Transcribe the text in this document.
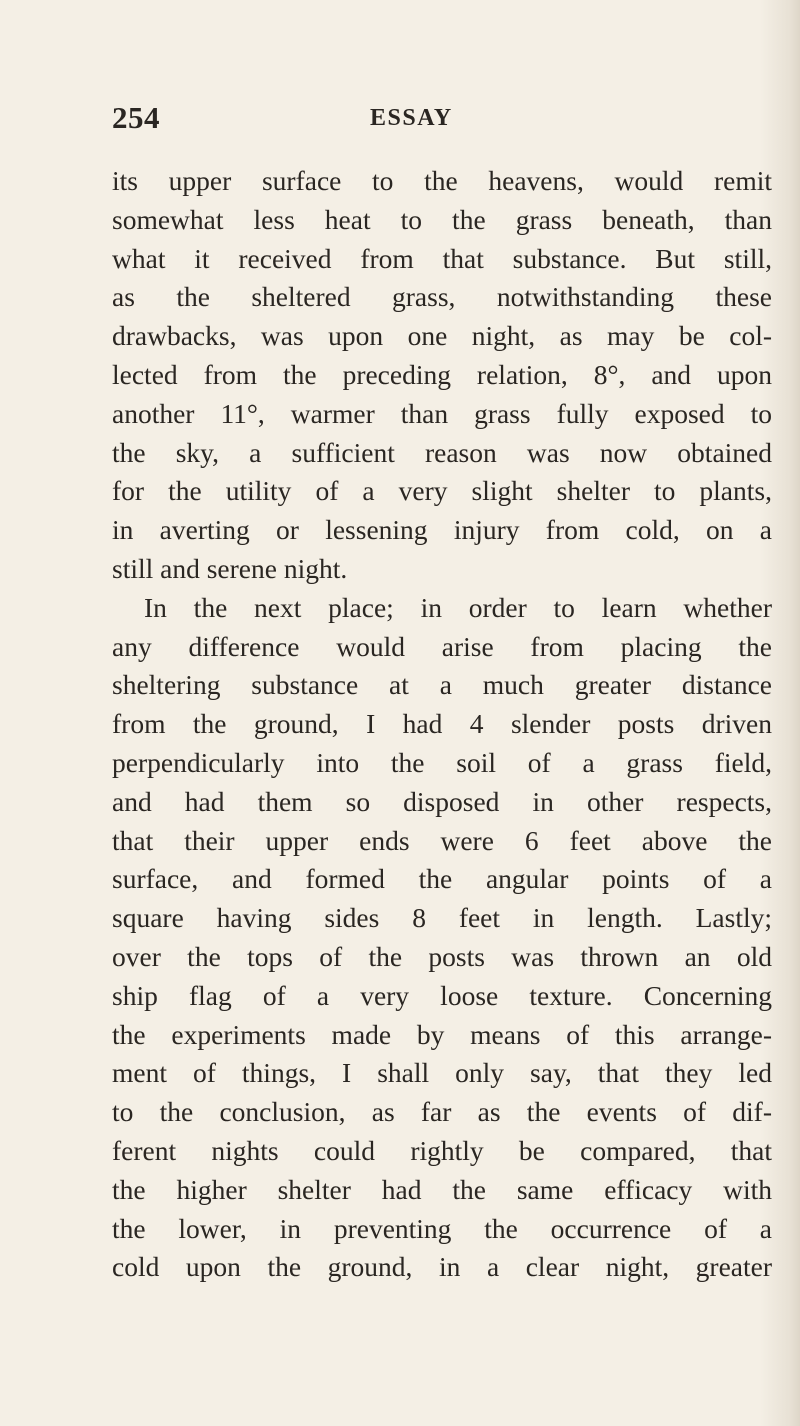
254	ESSAY
its upper surface to the heavens, would remit
somewhat less heat to the grass beneath, than
what it received from that substance. But still,
as the sheltered grass, notwithstanding these
drawbacks, was upon one night, as may be col-
lected from the preceding relation, 8°, and upon
another 11°, warmer than grass fully exposed to
the sky, a sufficient reason was now obtained
for the utility of a very slight shelter to plants,
in averting or lessening injury from cold, on a
still and serene night.
In the next place; in order to learn whether
any difference would arise from placing the
sheltering substance at a much greater distance
from the ground, I had 4 slender posts driven
perpendicularly into the soil of a grass field,
and had them so disposed in other respects,
that their upper ends were 6 feet above the
surface, and formed the angular points of a
square having sides 8 feet in length. Lastly;
over the tops of the posts was thrown an old
ship flag of a very loose texture. Concerning
the experiments made by means of this arrange-
ment of things, I shall only say, that they led
to the conclusion, as far as the events of dif-
ferent nights could rightly be compared, that
the higher shelter had the same efficacy with
the lower, in preventing the occurrence of a
cold upon the ground, in a clear night, greater
